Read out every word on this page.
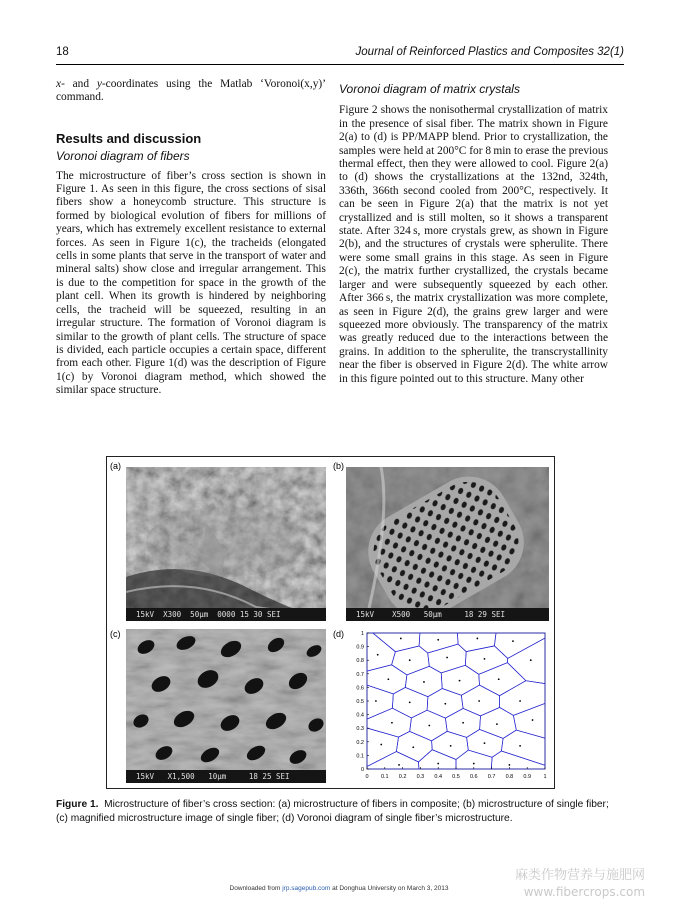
18	Journal of Reinforced Plastics and Composites 32(1)

x- and y-coordinates using the Matlab ‘Voronoi(x,y)’ command.

Results and discussion

Voronoi diagram of fibers

The microstructure of fiber’s cross section is shown in Figure 1. As seen in this figure, the cross sections of sisal fibers show a honeycomb structure. This structure is formed by biological evolution of fibers for millions of years, which has extremely excellent resistance to external forces. As seen in Figure 1(c), the tracheids (elongated cells in some plants that serve in the transport of water and mineral salts) show close and irregular arrangement. This is due to the competition for space in the growth of the plant cell. When its growth is hindered by neighboring cells, the tracheid will be squeezed, resulting in an irregular structure. The formation of Voronoi diagram is similar to the growth of plant cells. The structure of space is divided, each particle occupies a certain space, different from each other. Figure 1(d) was the description of Figure 1(c) by Voronoi diagram method, which showed the similar space structure.

Voronoi diagram of matrix crystals

Figure 2 shows the nonisothermal crystallization of matrix in the presence of sisal fiber. The matrix shown in Figure 2(a) to (d) is PP/MAPP blend. Prior to crystallization, the samples were held at 200°C for 8 min to erase the previous thermal effect, then they were allowed to cool. Figure 2(a) to (d) shows the crystallizations at the 132nd, 324th, 336th, 366th second cooled from 200°C, respectively. It can be seen in Figure 2(a) that the matrix is not yet crystallized and is still molten, so it shows a transparent state. After 324 s, more crystals grew, as shown in Figure 2(b), and the structures of crystals were spherulite. There were some small grains in this stage. As seen in Figure 2(c), the matrix further crystallized, the crystals became larger and were subsequently squeezed by each other. After 366 s, the matrix crystallization was more complete, as seen in Figure 2(d), the grains grew larger and were squeezed more obviously. The transparency of the matrix was greatly reduced due to the interactions between the grains. In addition to the spherulite, the transcrystallinity near the fiber is observed in Figure 2(d). The white arrow in this figure pointed out to this structure. Many other

(a)
15kV  X300  50µm  0000 15 30 SEI
(b)
15kV    X500   50µm     18 29 SEI
(c)
15kV   X1,500   10µm     18 25 SEI
(d)
0 0.1 0.2 0.3 0.4 0.5 0.6 0.7 0.8 0.9 1
0
0.1
0.2
0.3
0.4
0.5
0.6
0.7
0.8
0.9
1
Figure 1. Microstructure of fiber’s cross section: (a) microstructure of fibers in composite; (b) microstructure of single fiber; (c) magnified microstructure image of single fiber; (d) Voronoi diagram of single fiber’s microstructure.
Downloaded from jrp.sagepub.com at Donghua University on March 3, 2013
麻类作物营养与施肥网
www.fibercrops.com
